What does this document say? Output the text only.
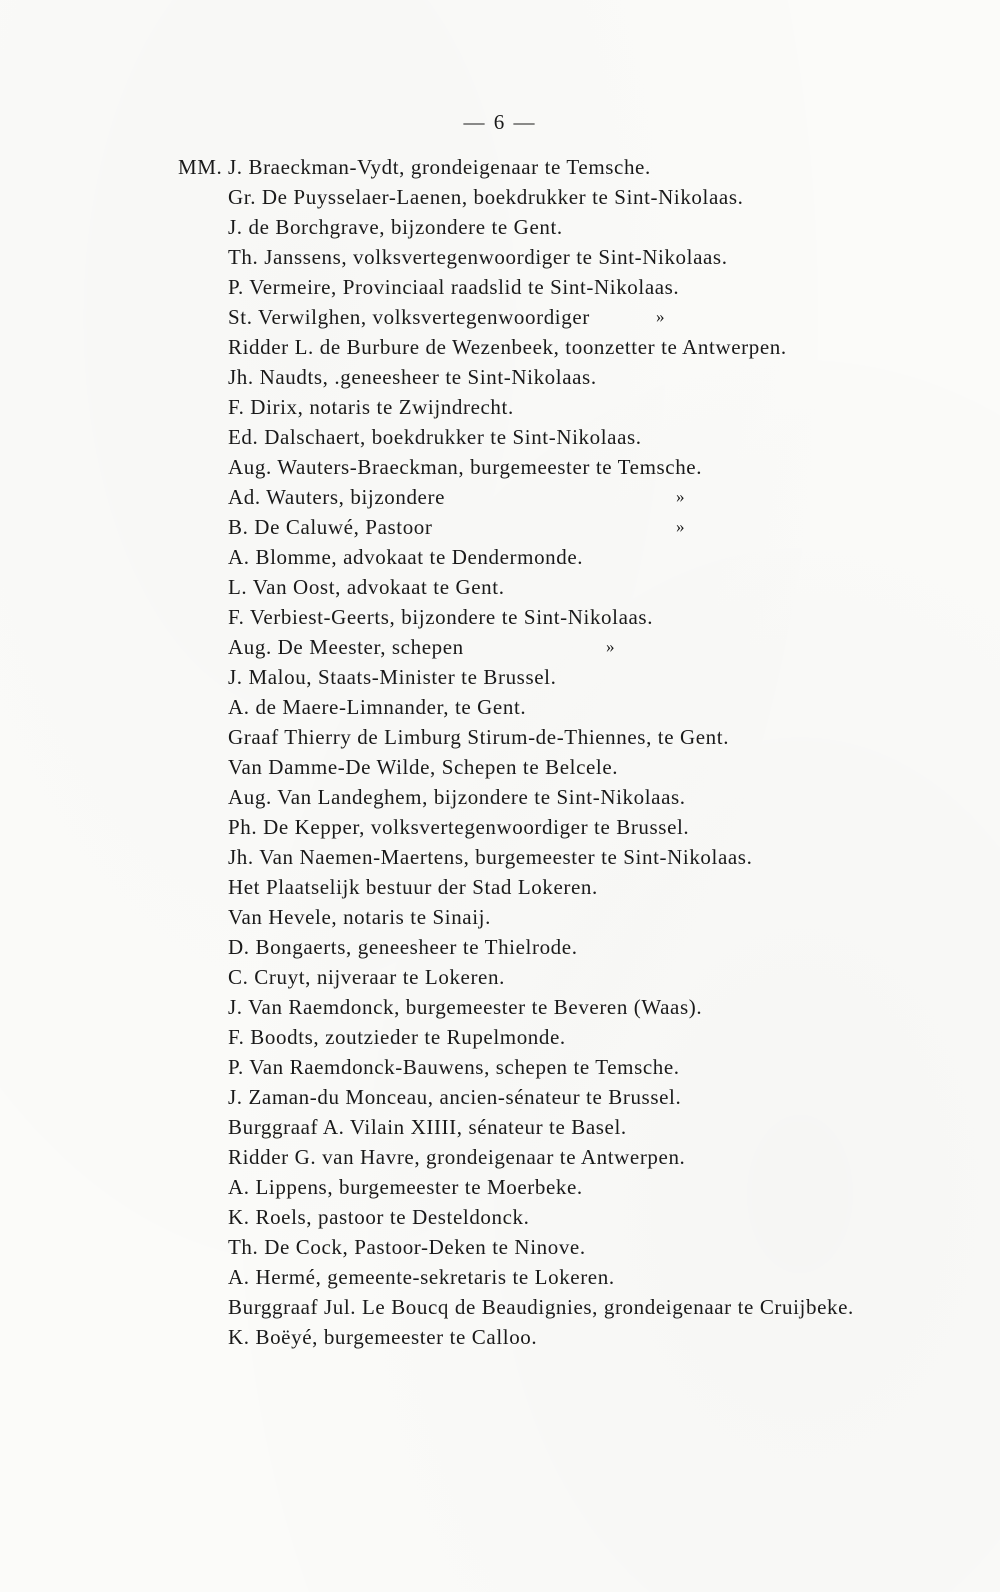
— 6 —
MM. J. Braeckman-Vydt, grondeigenaar te Temsche.
Gr. De Puysselaer-Laenen, boekdrukker te Sint-Nikolaas.
J. de Borchgrave, bijzondere te Gent.
Th. Janssens, volksvertegenwoordiger te Sint-Nikolaas.
P. Vermeire, Provinciaal raadslid te Sint-Nikolaas.
St. Verwilghen, volksvertegenwoordiger	»
Ridder L. de Burbure de Wezenbeek, toonzetter te Antwerpen.
Jh. Naudts, .geneesheer te Sint-Nikolaas.
F. Dirix, notaris te Zwijndrecht.
Ed. Dalschaert, boekdrukker te Sint-Nikolaas.
Aug. Wauters-Braeckman, burgemeester te Temsche.
Ad. Wauters, bijzondere	»
B. De Caluwé, Pastoor	»
A. Blomme, advokaat te Dendermonde.
L. Van Oost, advokaat te Gent.
F. Verbiest-Geerts, bijzondere te Sint-Nikolaas.
Aug. De Meester, schepen	»
J. Malou, Staats-Minister te Brussel.
A. de Maere-Limnander, te Gent.
Graaf Thierry de Limburg Stirum-de-Thiennes, te Gent.
Van Damme-De Wilde, Schepen te Belcele.
Aug. Van Landeghem, bijzondere te Sint-Nikolaas.
Ph. De Kepper, volksvertegenwoordiger te Brussel.
Jh. Van Naemen-Maertens, burgemeester te Sint-Nikolaas.
Het Plaatselijk bestuur der Stad Lokeren.
Van Hevele, notaris te Sinaij.
D. Bongaerts, geneesheer te Thielrode.
C. Cruyt, nijveraar te Lokeren.
J. Van Raemdonck, burgemeester te Beveren (Waas).
F. Boodts, zoutzieder te Rupelmonde.
P. Van Raemdonck-Bauwens, schepen te Temsche.
J. Zaman-du Monceau, ancien-sénateur te Brussel.
Burggraaf A. Vilain XIIII, sénateur te Basel.
Ridder G. van Havre, grondeigenaar te Antwerpen.
A. Lippens, burgemeester te Moerbeke.
K. Roels, pastoor te Desteldonck.
Th. De Cock, Pastoor-Deken te Ninove.
A. Hermé, gemeente-sekretaris te Lokeren.
Burggraaf Jul. Le Boucq de Beaudignies, grondeigenaar te Cruijbeke.
K. Boëyé, burgemeester te Calloo.
